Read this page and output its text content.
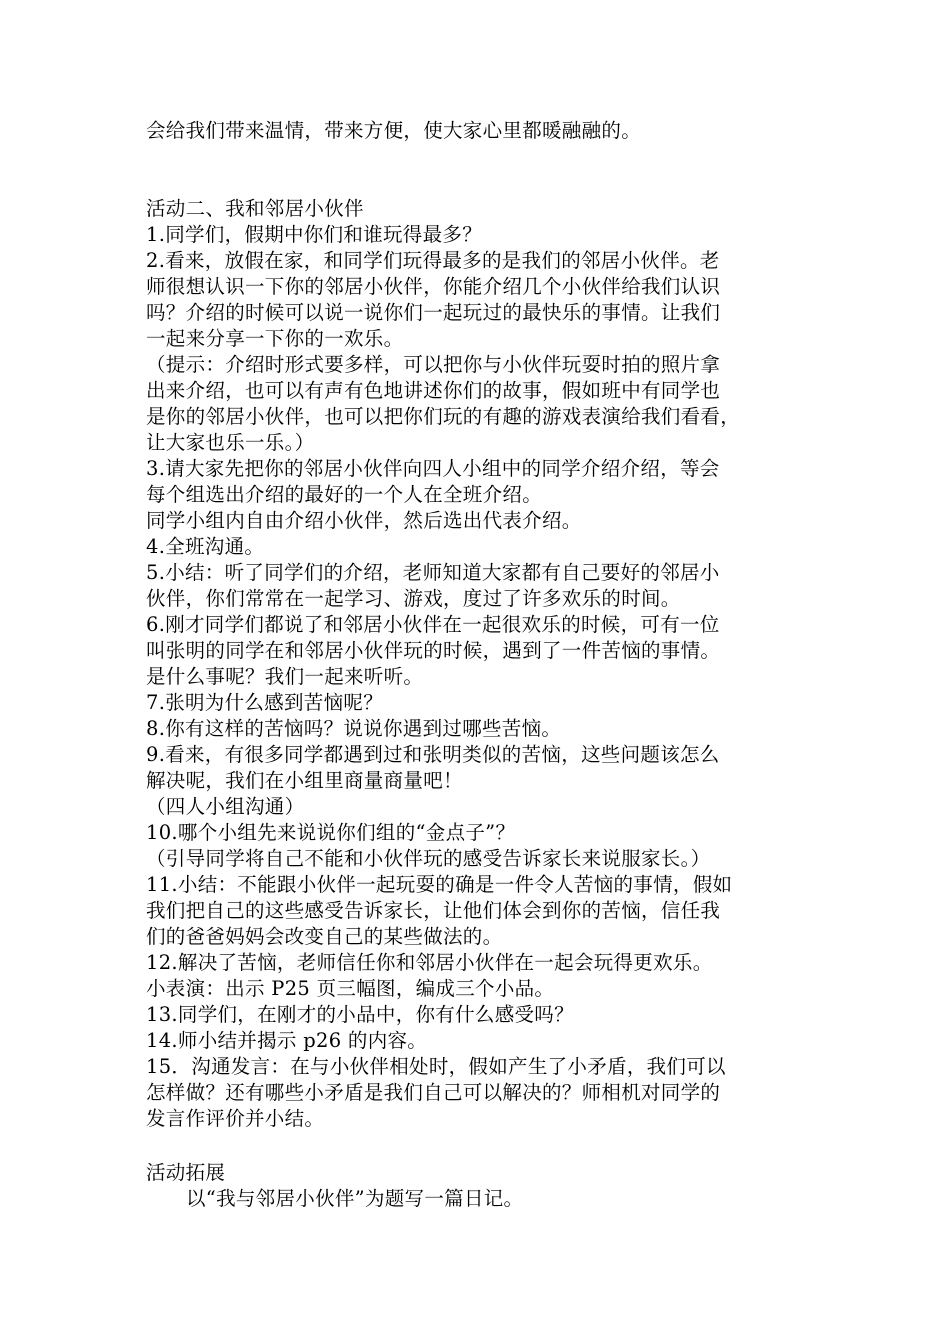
会给我们带来温情，带来方便，使大家心里都暖融融的。
活动二、我和邻居小伙伴
1.同学们，假期中你们和谁玩得最多？
2.看来，放假在家，和同学们玩得最多的是我们的邻居小伙伴。老
师很想认识一下你的邻居小伙伴，你能介绍几个小伙伴给我们认识
吗？介绍的时候可以说一说你们一起玩过的最快乐的事情。让我们
一起来分享一下你的一欢乐。
（提示：介绍时形式要多样，可以把你与小伙伴玩耍时拍的照片拿
出来介绍，也可以有声有色地讲述你们的故事，假如班中有同学也
是你的邻居小伙伴，也可以把你们玩的有趣的游戏表演给我们看看，
让大家也乐一乐。）
3.请大家先把你的邻居小伙伴向四人小组中的同学介绍介绍，等会
每个组选出介绍的最好的一个人在全班介绍。
同学小组内自由介绍小伙伴，然后选出代表介绍。
4.全班沟通。
5.小结：听了同学们的介绍，老师知道大家都有自己要好的邻居小
伙伴，你们常常在一起学习、游戏，度过了许多欢乐的时间。
6.刚才同学们都说了和邻居小伙伴在一起很欢乐的时候，可有一位
叫张明的同学在和邻居小伙伴玩的时候，遇到了一件苦恼的事情。
是什么事呢？我们一起来听听。
7.张明为什么感到苦恼呢？
8.你有这样的苦恼吗？说说你遇到过哪些苦恼。
9.看来，有很多同学都遇到过和张明类似的苦恼，这些问题该怎么
解决呢，我们在小组里商量商量吧！
（四人小组沟通）
10.哪个小组先来说说你们组的“金点子”？
（引导同学将自己不能和小伙伴玩的感受告诉家长来说服家长。）
11.小结：不能跟小伙伴一起玩耍的确是一件令人苦恼的事情，假如
我们把自己的这些感受告诉家长，让他们体会到你的苦恼，信任我
们的爸爸妈妈会改变自己的某些做法的。
12.解决了苦恼，老师信任你和邻居小伙伴在一起会玩得更欢乐。
小表演：出示 P25 页三幅图，编成三个小品。
13.同学们，在刚才的小品中，你有什么感受吗？
14.师小结并揭示 p26 的内容。
15．沟通发言：在与小伙伴相处时，假如产生了小矛盾，我们可以
怎样做？还有哪些小矛盾是我们自己可以解决的？师相机对同学的
发言作评价并小结。
活动拓展
以“我与邻居小伙伴”为题写一篇日记。
